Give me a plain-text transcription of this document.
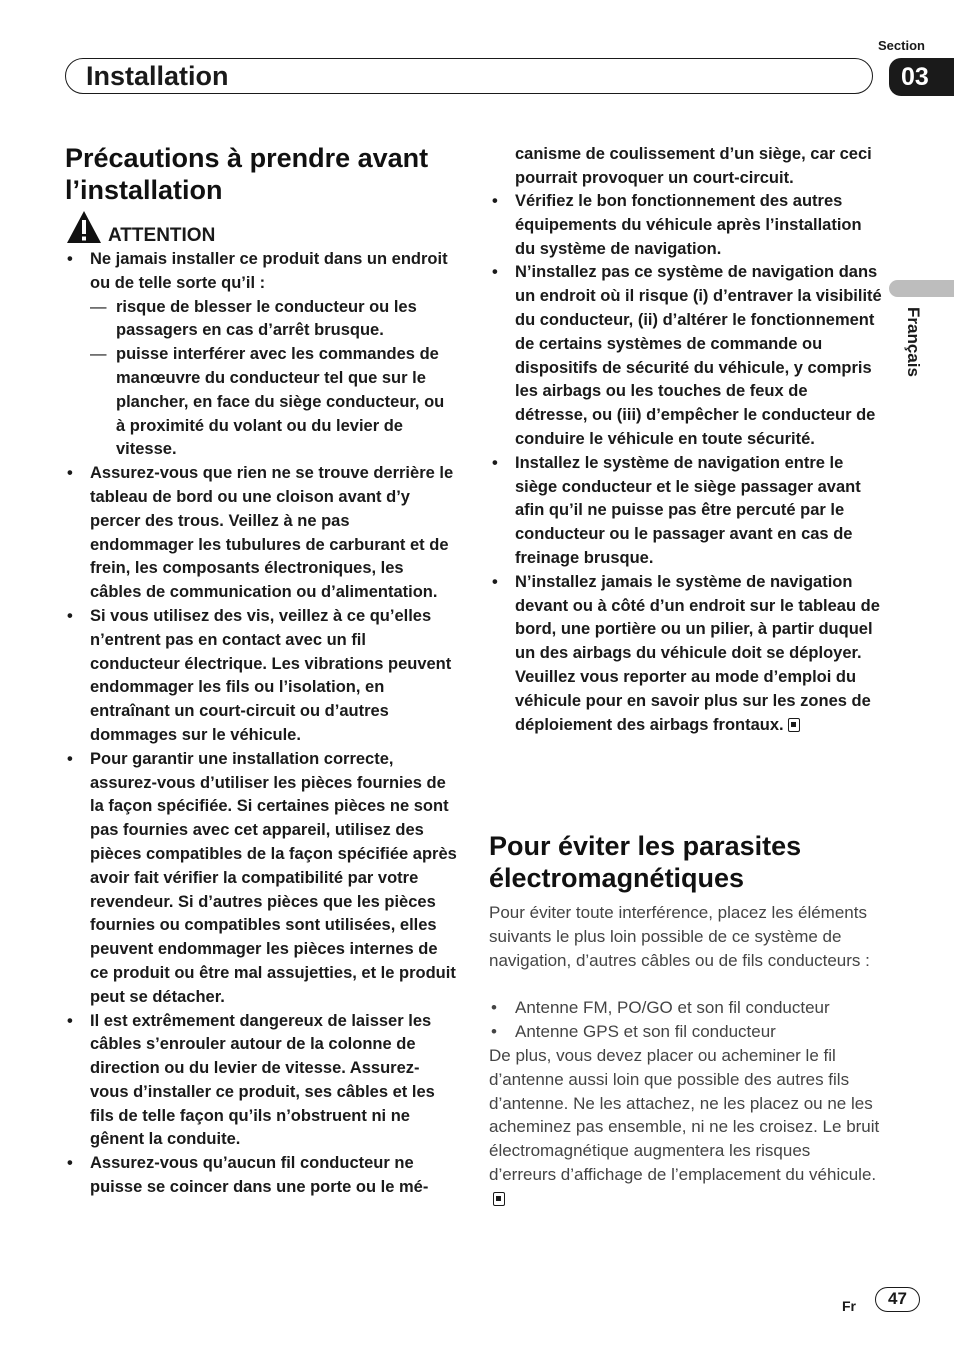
Section
Installation	03
Français
Précautions à prendre avant l’installation
ATTENTION
• Ne jamais installer ce produit dans un endroit ou de telle sorte qu’il :
— risque de blesser le conducteur ou les passagers en cas d’arrêt brusque.
— puisse interférer avec les commandes de manœuvre du conducteur tel que sur le plancher, en face du siège conducteur, ou à proximité du volant ou du levier de vitesse.
• Assurez-vous que rien ne se trouve derrière le tableau de bord ou une cloison avant d’y percer des trous. Veillez à ne pas endommager les tubulures de carburant et de frein, les composants électroniques, les câbles de communication ou d’alimentation.
• Si vous utilisez des vis, veillez à ce qu’elles n’entrent pas en contact avec un fil conducteur électrique. Les vibrations peuvent endommager les fils ou l’isolation, en entraînant un court-circuit ou d’autres dommages sur le véhicule.
• Pour garantir une installation correcte, assurez-vous d’utiliser les pièces fournies de la façon spécifiée. Si certaines pièces ne sont pas fournies avec cet appareil, utilisez des pièces compatibles de la façon spécifiée après avoir fait vérifier la compatibilité par votre revendeur. Si d’autres pièces que les pièces fournies ou compatibles sont utilisées, elles peuvent endommager les pièces internes de ce produit ou être mal assujetties, et le produit peut se détacher.
• Il est extrêmement dangereux de laisser les câbles s’enrouler autour de la colonne de direction ou du levier de vitesse. Assurez-vous d’installer ce produit, ses câbles et les fils de telle façon qu’ils n’obstruent ni ne gênent la conduite.
• Assurez-vous qu’aucun fil conducteur ne puisse se coincer dans une porte ou le mé-
canisme de coulissement d’un siège, car ceci pourrait provoquer un court-circuit.
• Vérifiez le bon fonctionnement des autres équipements du véhicule après l’installation du système de navigation.
• N’installez pas ce système de navigation dans un endroit où il risque (i) d’entraver la visibilité du conducteur, (ii) d’altérer le fonctionnement de certains systèmes de commande ou dispositifs de sécurité du véhicule, y compris les airbags ou les touches de feux de détresse, ou (iii) d’empêcher le conducteur de conduire le véhicule en toute sécurité.
• Installez le système de navigation entre le siège conducteur et le siège passager avant afin qu’il ne puisse pas être percuté par le conducteur ou le passager avant en cas de freinage brusque.
• N’installez jamais le système de navigation devant ou à côté d’un endroit sur le tableau de bord, une portière ou un pilier, à partir duquel un des airbags du véhicule doit se déployer. Veuillez vous reporter au mode d’emploi du véhicule pour en savoir plus sur les zones de déploiement des airbags frontaux.
Pour éviter les parasites électromagnétiques

Pour éviter toute interférence, placez les éléments suivants le plus loin possible de ce système de navigation, d’autres câbles ou de fils conducteurs :

• Antenne FM, PO/GO et son fil conducteur
• Antenne GPS et son fil conducteur

De plus, vous devez placer ou acheminer le fil d’antenne aussi loin que possible des autres fils d’antenne. Ne les attachez, ne les placez ou ne les acheminez pas ensemble, ni ne les croisez. Le bruit électromagnétique augmentera les risques d’erreurs d’affichage de l’emplacement du véhicule.

Fr	47
